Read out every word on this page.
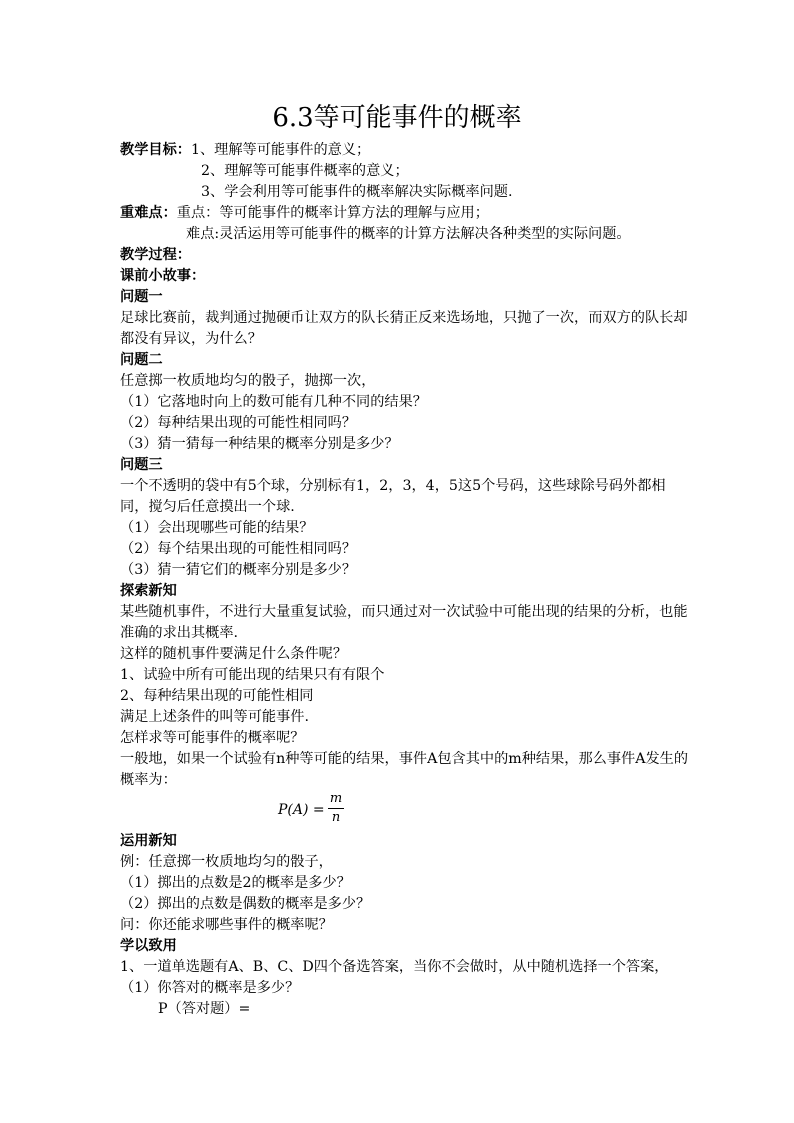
6.3等可能事件的概率
教学目标：1、理解等可能事件的意义；
2、理解等可能事件概率的意义；
3、学会利用等可能事件的概率解决实际概率问题.
重难点：重点：等可能事件的概率计算方法的理解与应用；
难点:灵活运用等可能事件的概率的计算方法解决各种类型的实际问题。
教学过程：
课前小故事：
问题一
足球比赛前，裁判通过抛硬币让双方的队长猜正反来选场地，只抛了一次，而双方的队长却都没有异议，为什么？
问题二
任意掷一枚质地均匀的骰子，抛掷一次，
（1）它落地时向上的数可能有几种不同的结果？
（2）每种结果出现的可能性相同吗？
（3）猜一猜每一种结果的概率分别是多少？
问题三
一个不透明的袋中有5个球，分别标有1，2，3，4，5这5个号码，这些球除号码外都相同，搅匀后任意摸出一个球.
（1）会出现哪些可能的结果？
（2）每个结果出现的可能性相同吗？
（3）猜一猜它们的概率分别是多少？
探索新知
某些随机事件，不进行大量重复试验，而只通过对一次试验中可能出现的结果的分析，也能准确的求出其概率.
这样的随机事件要满足什么条件呢？
1、试验中所有可能出现的结果只有有限个
2、每种结果出现的可能性相同
满足上述条件的叫等可能事件.
怎样求等可能事件的概率呢？
一般地，如果一个试验有n种等可能的结果，事件A包含其中的m种结果，那么事件A发生的概率为：
P(A) =
m
n
运用新知
例：任意掷一枚质地均匀的骰子，
（1）掷出的点数是2的概率是多少？
（2）掷出的点数是偶数的概率是多少？
问：你还能求哪些事件的概率呢？
学以致用
1、一道单选题有A、B、C、D四个备选答案，当你不会做时，从中随机选择一个答案，
（1）你答对的概率是多少？
P（答对题）=
